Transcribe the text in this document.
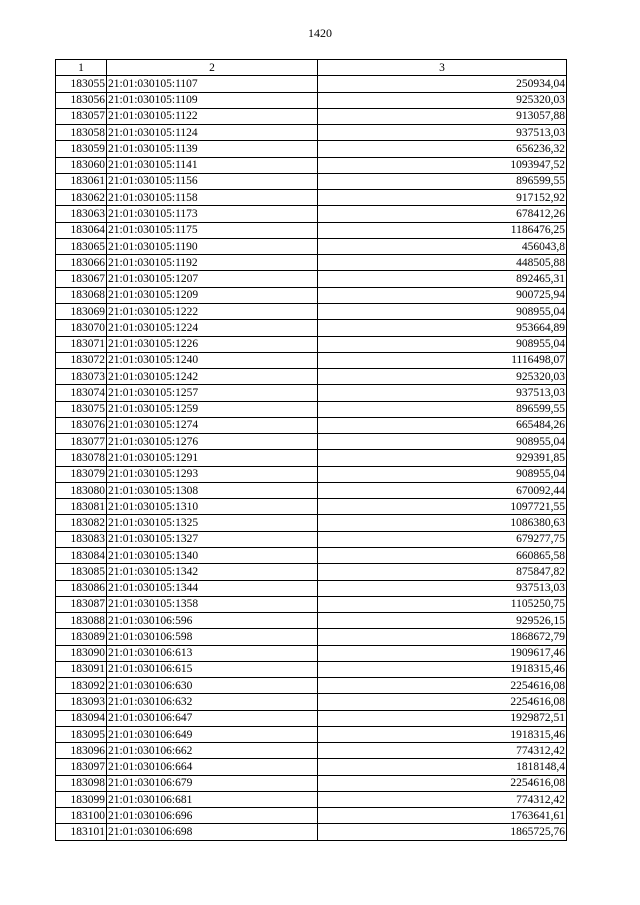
1420
1	2	3
183055	21:01:030105:1107	250934,04
183056	21:01:030105:1109	925320,03
183057	21:01:030105:1122	913057,88
183058	21:01:030105:1124	937513,03
183059	21:01:030105:1139	656236,32
183060	21:01:030105:1141	1093947,52
183061	21:01:030105:1156	896599,55
183062	21:01:030105:1158	917152,92
183063	21:01:030105:1173	678412,26
183064	21:01:030105:1175	1186476,25
183065	21:01:030105:1190	456043,8
183066	21:01:030105:1192	448505,88
183067	21:01:030105:1207	892465,31
183068	21:01:030105:1209	900725,94
183069	21:01:030105:1222	908955,04
183070	21:01:030105:1224	953664,89
183071	21:01:030105:1226	908955,04
183072	21:01:030105:1240	1116498,07
183073	21:01:030105:1242	925320,03
183074	21:01:030105:1257	937513,03
183075	21:01:030105:1259	896599,55
183076	21:01:030105:1274	665484,26
183077	21:01:030105:1276	908955,04
183078	21:01:030105:1291	929391,85
183079	21:01:030105:1293	908955,04
183080	21:01:030105:1308	670092,44
183081	21:01:030105:1310	1097721,55
183082	21:01:030105:1325	1086380,63
183083	21:01:030105:1327	679277,75
183084	21:01:030105:1340	660865,58
183085	21:01:030105:1342	875847,82
183086	21:01:030105:1344	937513,03
183087	21:01:030105:1358	1105250,75
183088	21:01:030106:596	929526,15
183089	21:01:030106:598	1868672,79
183090	21:01:030106:613	1909617,46
183091	21:01:030106:615	1918315,46
183092	21:01:030106:630	2254616,08
183093	21:01:030106:632	2254616,08
183094	21:01:030106:647	1929872,51
183095	21:01:030106:649	1918315,46
183096	21:01:030106:662	774312,42
183097	21:01:030106:664	1818148,4
183098	21:01:030106:679	2254616,08
183099	21:01:030106:681	774312,42
183100	21:01:030106:696	1763641,61
183101	21:01:030106:698	1865725,76
